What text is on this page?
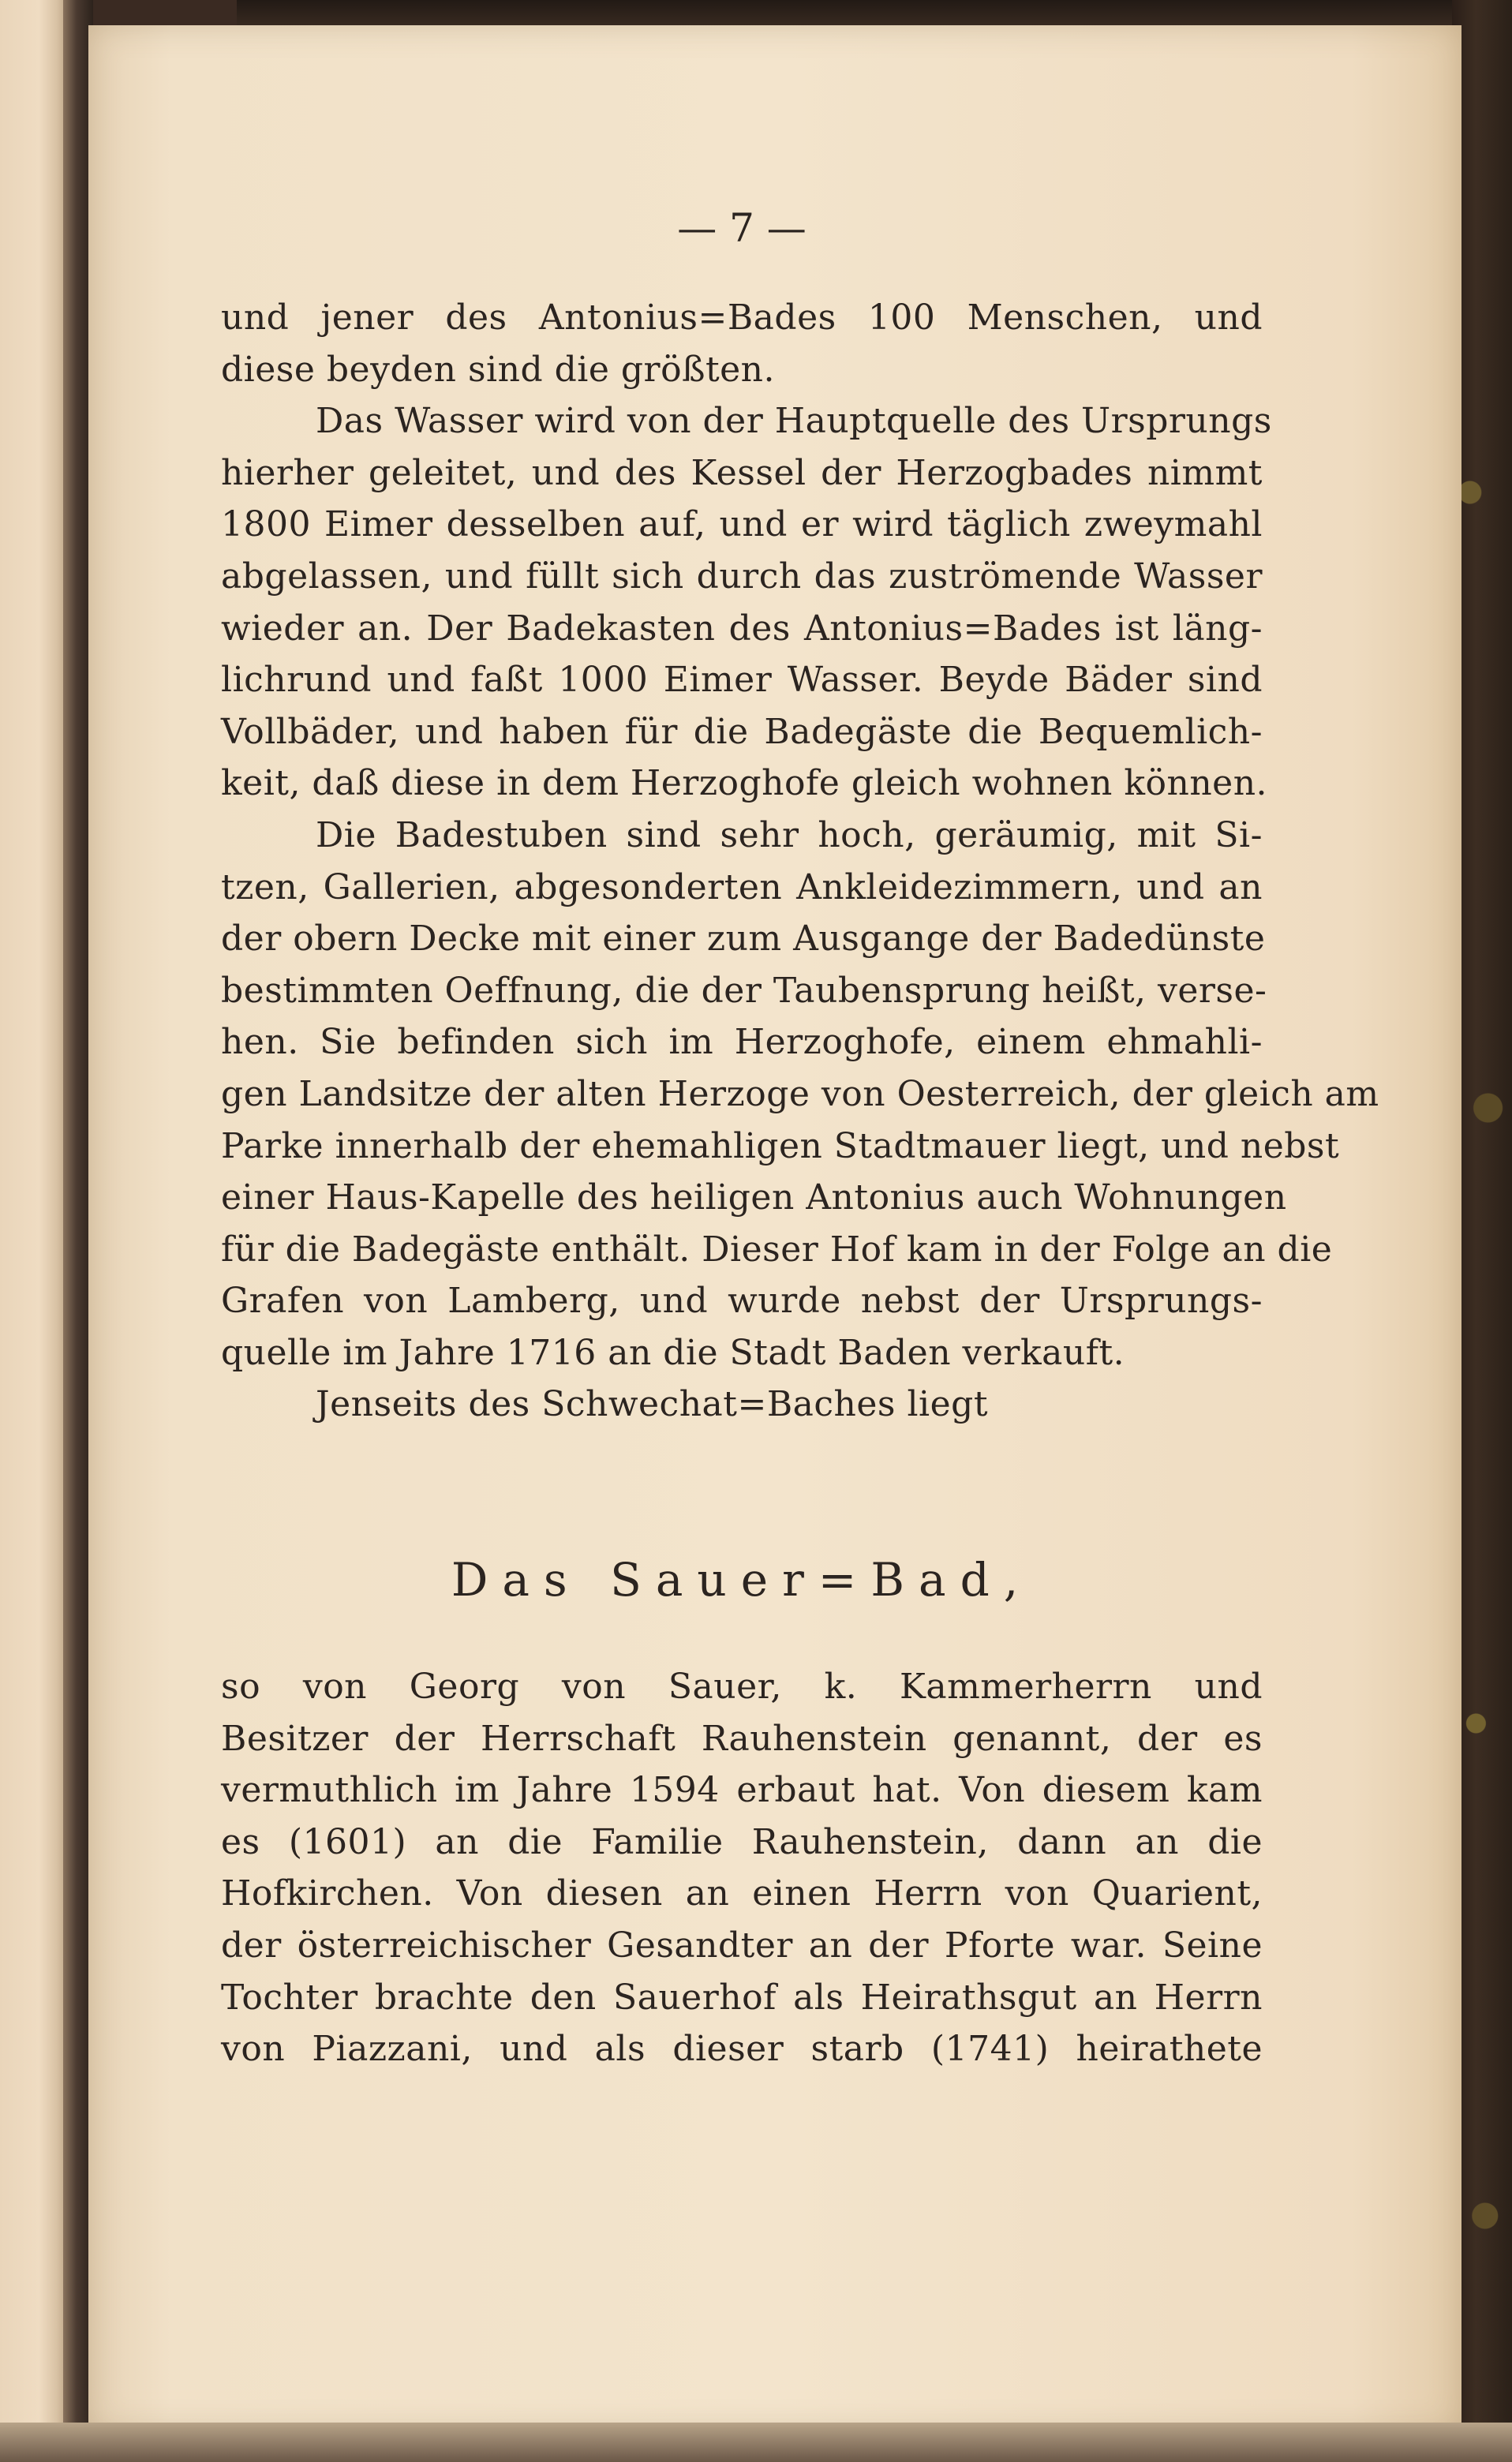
— 7 —
und jener des Antonius=Bades 100 Menschen, und
diese beyden sind die größten.
Das Wasser wird von der Hauptquelle des Ursprungs
hierher geleitet, und des Kessel der Herzogbades nimmt
1800 Eimer desselben auf, und er wird täglich zweymahl
abgelassen, und füllt sich durch das zuströmende Wasser
wieder an. Der Badekasten des Antonius=Bades ist läng-
lichrund und faßt 1000 Eimer Wasser. Beyde Bäder sind
Vollbäder, und haben für die Badegäste die Bequemlich-
keit, daß diese in dem Herzoghofe gleich wohnen können.
Die Badestuben sind sehr hoch, geräumig, mit Si-
tzen, Gallerien, abgesonderten Ankleidezimmern, und an
der obern Decke mit einer zum Ausgange der Badedünste
bestimmten Oeffnung, die der Taubensprung heißt, verse-
hen. Sie befinden sich im Herzoghofe, einem ehmahli-
gen Landsitze der alten Herzoge von Oesterreich, der gleich am
Parke innerhalb der ehemahligen Stadtmauer liegt, und nebst
einer Haus-Kapelle des heiligen Antonius auch Wohnungen
für die Badegäste enthält. Dieser Hof kam in der Folge an die
Grafen von Lamberg, und wurde nebst der Ursprungs-
quelle im Jahre 1716 an die Stadt Baden verkauft.
Jenseits des Schwechat=Baches liegt
Das Sauer=Bad,
so von Georg von Sauer, k. Kammerherrn und
Besitzer der Herrschaft Rauhenstein genannt, der es
vermuthlich im Jahre 1594 erbaut hat. Von diesem kam
es (1601) an die Familie Rauhenstein, dann an die
Hofkirchen. Von diesen an einen Herrn von Quarient,
der österreichischer Gesandter an der Pforte war. Seine
Tochter brachte den Sauerhof als Heirathsgut an Herrn
von Piazzani, und als dieser starb (1741) heirathete
